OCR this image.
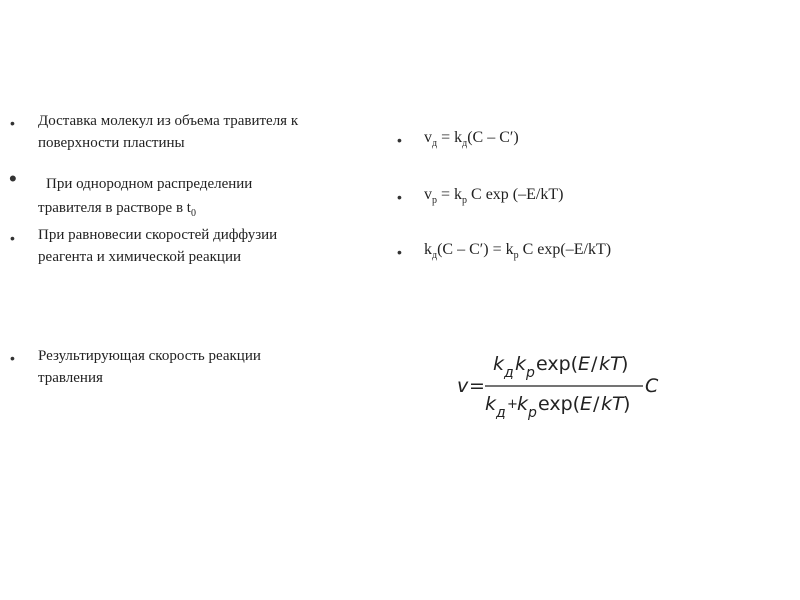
• Доставка молекул из объема травителя к
поверхности пластины
• При однородном распределении
травителя в растворе в $t_0$
• При равновесии скоростей диффузии
реагента и химической реакции
• Результирующая скорость реакции
травления
• $v_д = k_д(C - C')$
• $v_р = k_р$ C exp (–E/kT)
• $k_д(C - C') = k_р$ C exp(–E/kT)
v =
k д k р exp( E / kT )
C
k д
+ k р exp( E / kT )
